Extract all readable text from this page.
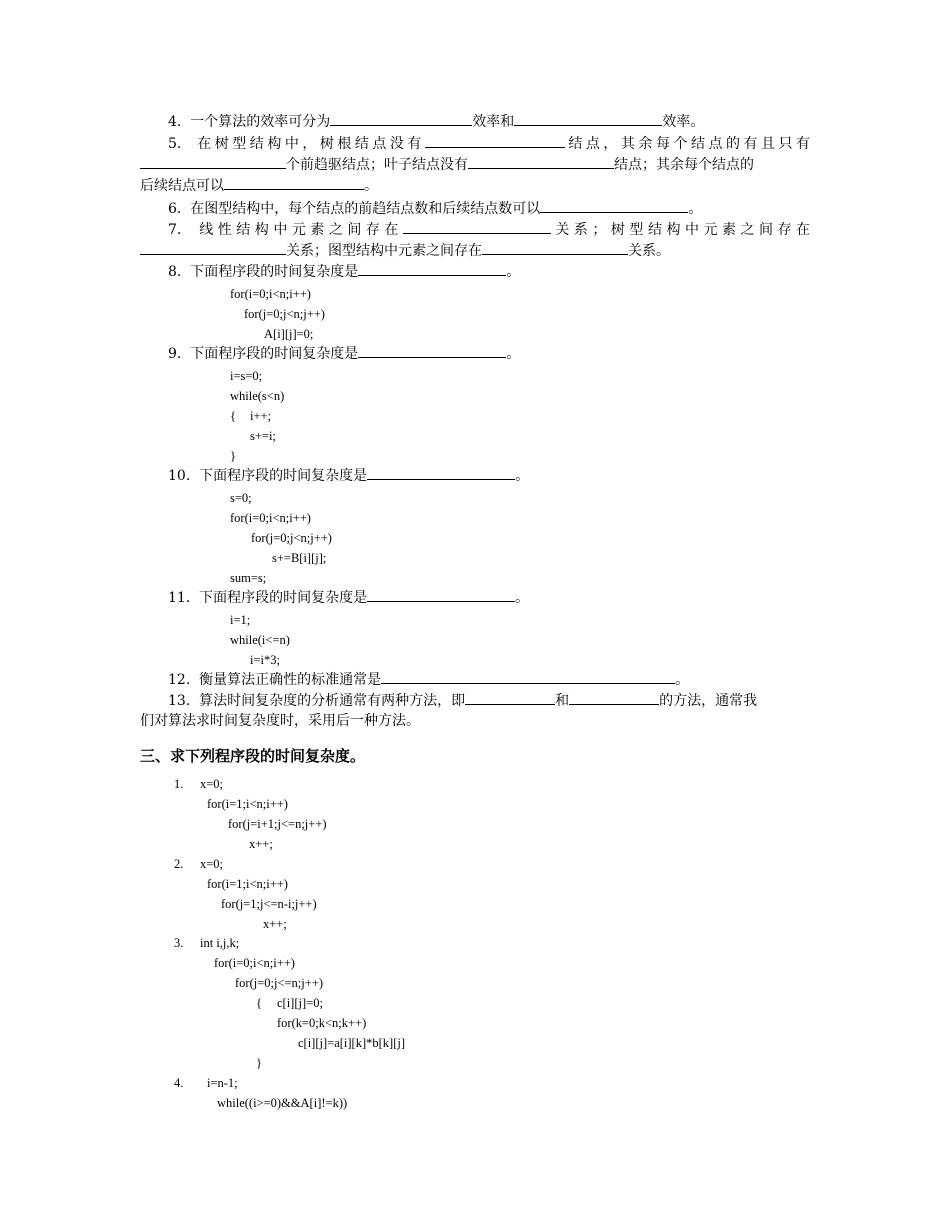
4. 一个算法的效率可分为	效率和	效率。
5. 在树型结构中，树根结点没有	结点，其余每个结点的有且只有
个前趋驱结点；叶子结点没有	结点；其余每个结点的
后续结点可以	。
6. 在图型结构中，每个结点的前趋结点数和后续结点数可以	。
7. 线性结构中元素之间存在	关系；树型结构中元素之间存在
关系；图型结构中元素之间存在	关系。
8. 下面程序段的时间复杂度是	。
for(i=0;i<n;i++)
for(j=0;j<n;j++)
A[i][j]=0;
9. 下面程序段的时间复杂度是	。
i=s=0;
while(s<n)
{ i++;
s+=i;
}
10. 下面程序段的时间复杂度是	。
s=0;
for(i=0;i<n;i++)
for(j=0;j<n;j++)
s+=B[i][j];
sum=s;
11. 下面程序段的时间复杂度是	。
i=1;
while(i<=n)
i=i*3;
12. 衡量算法正确性的标准通常是	。
13. 算法时间复杂度的分析通常有两种方法，即	和	的方法，通常我
们对算法求时间复杂度时，采用后一种方法。
三、求下列程序段的时间复杂度。
1. x=0;
for(i=1;i<n;i++)
for(j=i+1;j<=n;j++)
x++;
2. x=0;
for(i=1;i<n;i++)
for(j=1;j<=n-i;j++)
x++;
3. int i,j,k;
for(i=0;i<n;i++)
for(j=0;j<=n;j++)
{ c[i][j]=0;
for(k=0;k<n;k++)
c[i][j]=a[i][k]*b[k][j]
}
4. i=n-1;
while((i>=0)&&A[i]!=k))
